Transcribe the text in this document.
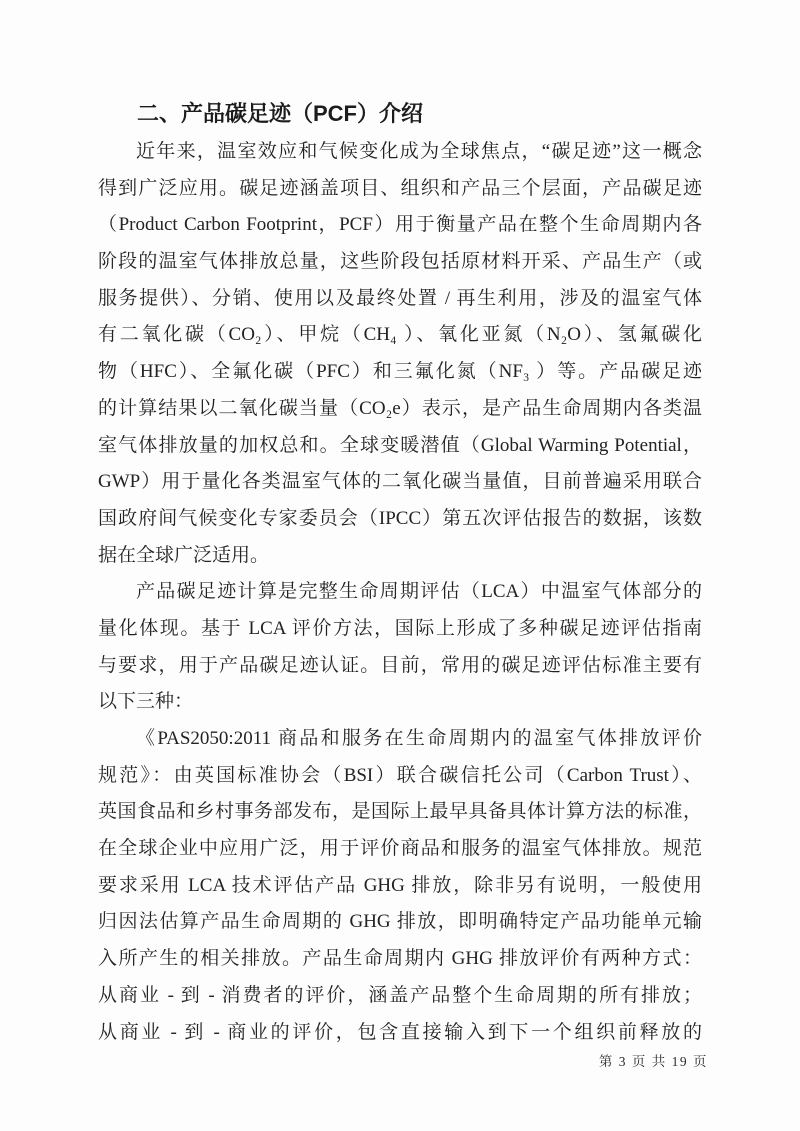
二、产品碳足迹（PCF）介绍
近年来，温室效应和气候变化成为全球焦点，“碳足迹”这一概念
得到广泛应用。碳足迹涵盖项目、组织和产品三个层面，产品碳足迹
（Product Carbon Footprint，PCF）用于衡量产品在整个生命周期内各
阶段的温室气体排放总量，这些阶段包括原材料开采、产品生产（或
服务提供）、分销、使用以及最终处置 / 再生利用，涉及的温室气体
有二氧化碳（CO₂）、甲烷（CH₄ ）、氧化亚氮（N₂O）、氢氟碳化
物（HFC）、全氟化碳（PFC）和三氟化氮（NF₃ ）等。产品碳足迹
的计算结果以二氧化碳当量（CO₂e）表示，是产品生命周期内各类温
室气体排放量的加权总和。全球变暖潜值（Global Warming Potential，
GWP）用于量化各类温室气体的二氧化碳当量值，目前普遍采用联合
国政府间气候变化专家委员会（IPCC）第五次评估报告的数据，该数
据在全球广泛适用。
产品碳足迹计算是完整生命周期评估（LCA）中温室气体部分的
量化体现。基于 LCA 评价方法，国际上形成了多种碳足迹评估指南
与要求，用于产品碳足迹认证。目前，常用的碳足迹评估标准主要有
以下三种：
《PAS2050:2011 商品和服务在生命周期内的温室气体排放评价
规范》：由英国标准协会（BSI）联合碳信托公司（Carbon Trust）、
英国食品和乡村事务部发布，是国际上最早具备具体计算方法的标准，
在全球企业中应用广泛，用于评价商品和服务的温室气体排放。规范
要求采用 LCA 技术评估产品 GHG 排放，除非另有说明，一般使用
归因法估算产品生命周期的 GHG 排放，即明确特定产品功能单元输
入所产生的相关排放。产品生命周期内 GHG 排放评价有两种方式：
从商业 - 到 - 消费者的评价，涵盖产品整个生命周期的所有排放；
从商业 - 到 - 商业的评价，包含直接输入到下一个组织前释放的
第 3 页 共 19 页
